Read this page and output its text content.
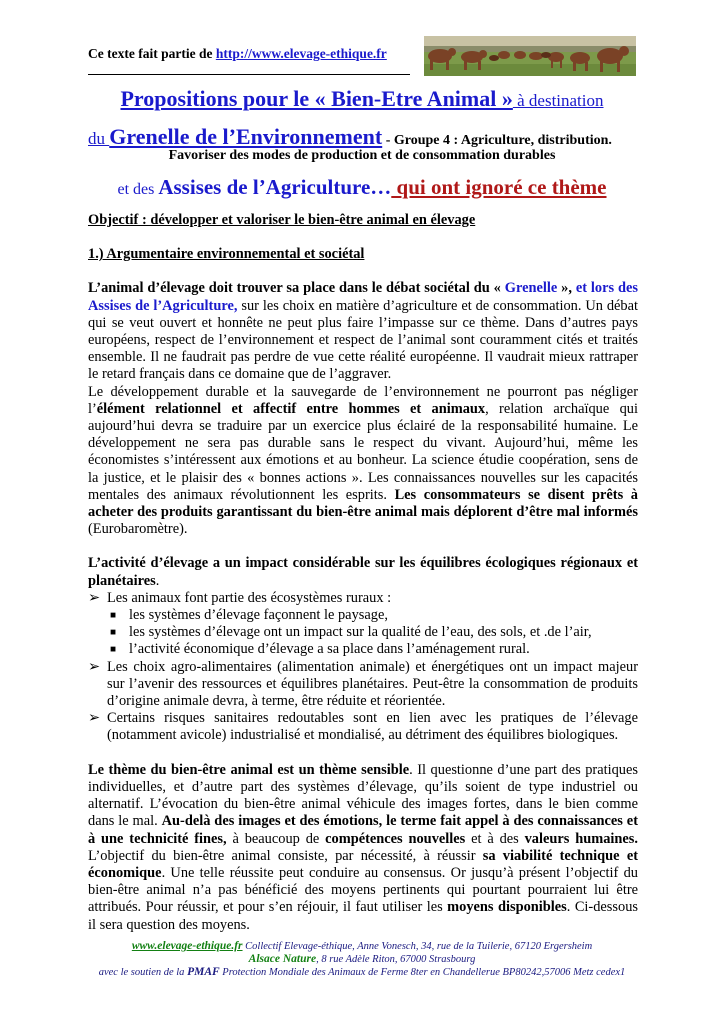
Ce texte fait partie de http://www.elevage-ethique.fr
Propositions pour le « Bien-Etre Animal » à destination
du Grenelle de l’Environnement - Groupe 4 : Agriculture, distribution.
Favoriser des modes de production et de consommation durables
et des Assises de l’Agriculture… qui ont ignoré ce thème

Objectif : développer et valoriser le bien-être animal en élevage

1.) Argumentaire environnemental et sociétal

L’animal d’élevage doit trouver sa place dans le débat sociétal du « Grenelle », et lors des Assises de l’Agriculture, sur les choix en matière d’agriculture et de consommation. Un débat qui se veut ouvert et honnête ne peut plus faire l’impasse sur ce thème. Dans d’autres pays européens, respect de l’environnement et respect de l’animal sont couramment cités et traités ensemble. Il ne faudrait pas perdre de vue cette réalité européenne. Il vaudrait mieux rattraper le retard français dans ce domaine que de l’aggraver.

Le développement durable et la sauvegarde de l’environnement ne pourront pas négliger l’élément relationnel et affectif entre hommes et animaux, relation archaïque qui aujourd’hui devra se traduire par un exercice plus éclairé de la responsabilité humaine. Le développement ne sera pas durable sans le respect du vivant. Aujourd’hui, même les économistes s’intéressent aux émotions et au bonheur. La science étudie coopération, sens de la justice, et le plaisir des « bonnes actions ». Les connaissances nouvelles sur les capacités mentales des animaux révolutionnent les esprits. Les consommateurs se disent prêts à acheter des produits garantissant du bien-être animal mais déplorent d’être mal informés (Eurobaromètre).

L’activité d’élevage a un impact considérable sur les équilibres écologiques régionaux et planétaires.

➢ Les animaux font partie des écosystèmes ruraux :
■ les systèmes d’élevage façonnent le paysage,
■ les systèmes d’élevage ont un impact sur la qualité de l’eau, des sols, et .de l’air,
■ l’activité économique d’élevage a sa place dans l’aménagement rural.
➢ Les choix agro-alimentaires (alimentation animale) et énergétiques ont un impact majeur sur l’avenir des ressources et équilibres planétaires. Peut-être la consommation de produits d’origine animale devra, à terme, être réduite et réorientée.
➢ Certains risques sanitaires redoutables sont en lien avec les pratiques de l’élevage (notamment avicole) industrialisé et mondialisé, au détriment des équilibres biologiques.

Le thème du bien-être animal est un thème sensible. Il questionne d’une part des pratiques individuelles, et d’autre part des systèmes d’élevage, qu’ils soient de type industriel ou alternatif. L’évocation du bien-être animal véhicule des images fortes, dans le bien comme dans le mal. Au-delà des images et des émotions, le terme fait appel à des connaissances et à une technicité fines, à beaucoup de compétences nouvelles et à des valeurs humaines. L’objectif du bien-être animal consiste, par nécessité, à réussir sa viabilité technique et économique. Une telle réussite peut conduire au consensus. Or jusqu’à présent l’objectif du bien-être animal n’a pas bénéficié des moyens pertinents qui pourtant pourraient lui être attribués. Pour réussir, et pour s’en réjouir, il faut utiliser les moyens disponibles. Ci-dessous il sera question des moyens.

www.elevage-ethique.fr Collectif Elevage-éthique, Anne Vonesch, 34, rue de la Tuilerie, 67120 Ergersheim
Alsace Nature, 8 rue Adèle Riton, 67000 Strasbourg
avec le soutien de la PMAF Protection Mondiale des Animaux de Ferme 8ter en Chandellerue BP80242,57006 Metz cedex1
